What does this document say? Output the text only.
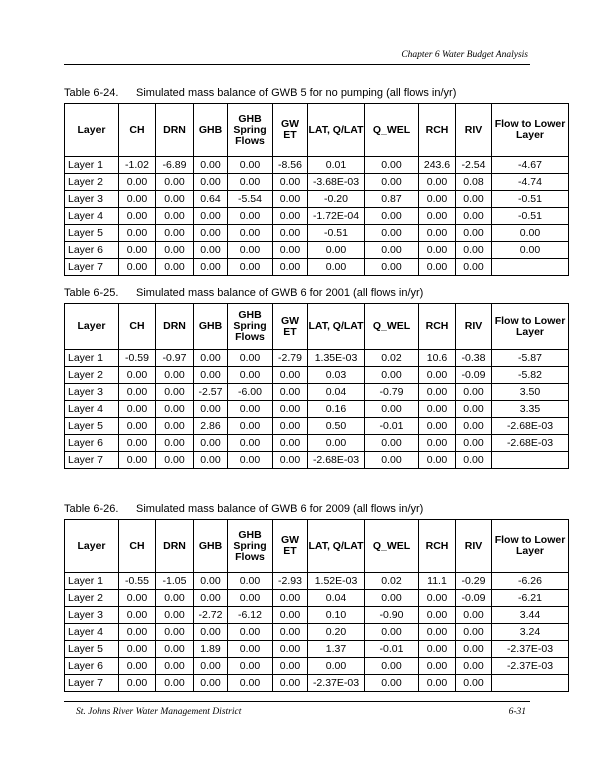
Chapter 6 Water Budget Analysis
Table 6-24.	Simulated mass balance of GWB 5 for no pumping (all flows in/yr)
Layer	CH	DRN	GHB	GHB Spring Flows	GW ET	LAT, Q/LAT	Q_WEL	RCH	RIV	Flow to Lower Layer
Layer 1	-1.02	-6.89	0.00	0.00	-8.56	0.01	0.00	243.6	-2.54	-4.67
Layer 2	0.00	0.00	0.00	0.00	0.00	-3.68E-03	0.00	0.00	0.08	-4.74
Layer 3	0.00	0.00	0.64	-5.54	0.00	-0.20	0.87	0.00	0.00	-0.51
Layer 4	0.00	0.00	0.00	0.00	0.00	-1.72E-04	0.00	0.00	0.00	-0.51
Layer 5	0.00	0.00	0.00	0.00	0.00	-0.51	0.00	0.00	0.00	0.00
Layer 6	0.00	0.00	0.00	0.00	0.00	0.00	0.00	0.00	0.00	0.00
Layer 7	0.00	0.00	0.00	0.00	0.00	0.00	0.00	0.00	0.00	
Table 6-25.	Simulated mass balance of GWB 6 for 2001 (all flows in/yr)
Layer	CH	DRN	GHB	GHB Spring Flows	GW ET	LAT, Q/LAT	Q_WEL	RCH	RIV	Flow to Lower Layer
Layer 1	-0.59	-0.97	0.00	0.00	-2.79	1.35E-03	0.02	10.6	-0.38	-5.87
Layer 2	0.00	0.00	0.00	0.00	0.00	0.03	0.00	0.00	-0.09	-5.82
Layer 3	0.00	0.00	-2.57	-6.00	0.00	0.04	-0.79	0.00	0.00	3.50
Layer 4	0.00	0.00	0.00	0.00	0.00	0.16	0.00	0.00	0.00	3.35
Layer 5	0.00	0.00	2.86	0.00	0.00	0.50	-0.01	0.00	0.00	-2.68E-03
Layer 6	0.00	0.00	0.00	0.00	0.00	0.00	0.00	0.00	0.00	-2.68E-03
Layer 7	0.00	0.00	0.00	0.00	0.00	-2.68E-03	0.00	0.00	0.00	
Table 6-26.	Simulated mass balance of GWB 6 for 2009 (all flows in/yr)
Layer	CH	DRN	GHB	GHB Spring Flows	GW ET	LAT, Q/LAT	Q_WEL	RCH	RIV	Flow to Lower Layer
Layer 1	-0.55	-1.05	0.00	0.00	-2.93	1.52E-03	0.02	11.1	-0.29	-6.26
Layer 2	0.00	0.00	0.00	0.00	0.00	0.04	0.00	0.00	-0.09	-6.21
Layer 3	0.00	0.00	-2.72	-6.12	0.00	0.10	-0.90	0.00	0.00	3.44
Layer 4	0.00	0.00	0.00	0.00	0.00	0.20	0.00	0.00	0.00	3.24
Layer 5	0.00	0.00	1.89	0.00	0.00	1.37	-0.01	0.00	0.00	-2.37E-03
Layer 6	0.00	0.00	0.00	0.00	0.00	0.00	0.00	0.00	0.00	-2.37E-03
Layer 7	0.00	0.00	0.00	0.00	0.00	-2.37E-03	0.00	0.00	0.00	
St. Johns River Water Management District	6-31
